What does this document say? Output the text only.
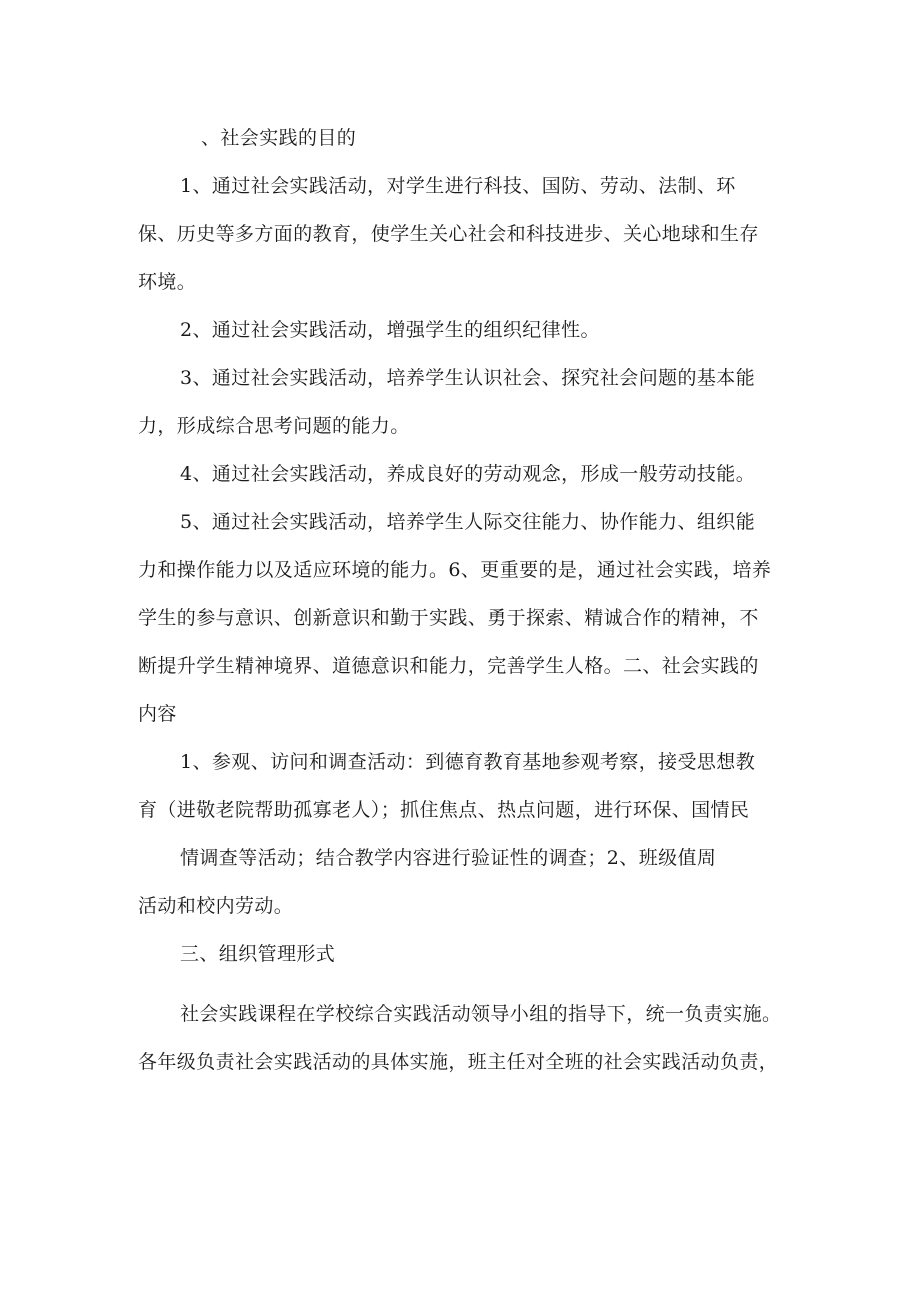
、社会实践的目的
1、通过社会实践活动，对学生进行科技、国防、劳动、法制、环
保、历史等多方面的教育，使学生关心社会和科技进步、关心地球和生存
环境。
2、通过社会实践活动，增强学生的组织纪律性。
3、通过社会实践活动，培养学生认识社会、探究社会问题的基本能
力，形成综合思考问题的能力。
4、通过社会实践活动，养成良好的劳动观念，形成一般劳动技能。
5、通过社会实践活动，培养学生人际交往能力、协作能力、组织能
力和操作能力以及适应环境的能力。6、更重要的是，通过社会实践，培养
学生的参与意识、创新意识和勤于实践、勇于探索、精诚合作的精神，不
断提升学生精神境界、道德意识和能力，完善学生人格。二、社会实践的
内容
1、参观、访问和调查活动：到德育教育基地参观考察，接受思想教
育（进敬老院帮助孤寡老人）；抓住焦点、热点问题，进行环保、国情民
情调查等活动；结合教学内容进行验证性的调查；2、班级值周
活动和校内劳动。
三、组织管理形式
社会实践课程在学校综合实践活动领导小组的指导下，统一负责实施。
各年级负责社会实践活动的具体实施，班主任对全班的社会实践活动负责，
